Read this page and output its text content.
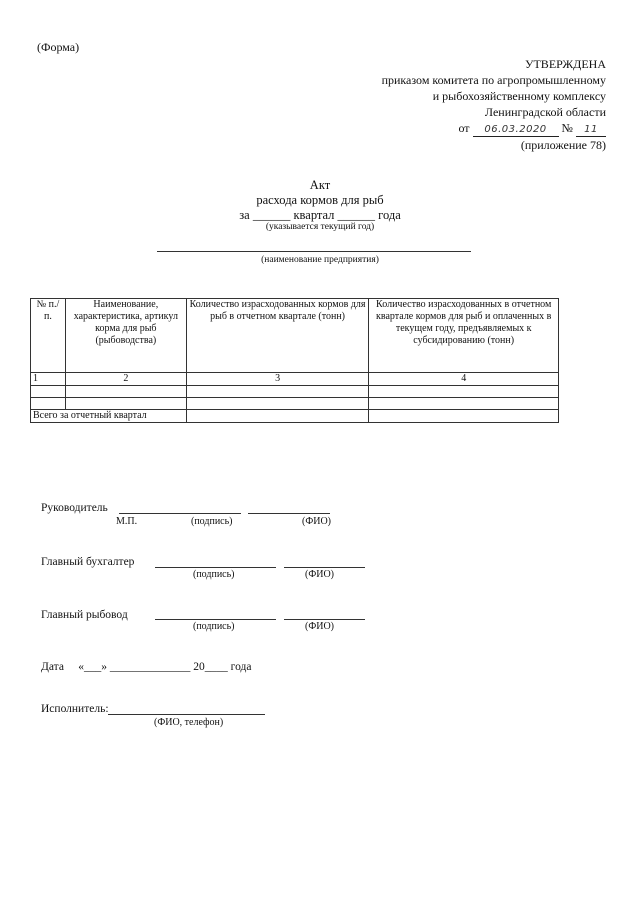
(Форма)
УТВЕРЖДЕНА
приказом комитета по агропромышленному
и рыбохозяйственному комплексу
Ленинградской области
от 06.03.2020 № 11
(приложение 78)
Акт
расхода кормов для рыб
за ______ квартал ______ года
(указывается текущий год)
(наименование предприятия)
№ п./п.	Наименование, характеристика, артикул корма для рыб (рыбоводства)	Количество израсходованных кормов для рыб в отчетном квартале (тонн)	Количество израсходованных в отчетном квартале кормов для рыб и оплаченных в текущем году, предъявляемых к субсидированию (тонн)
1	2	3	4

Всего за отчетный квартал			
Руководитель
М.П.	(подпись)	(ФИО)
Главный бухгалтер
(подпись)	(ФИО)
Главный рыбовод
(подпись)	(ФИО)
Дата     «___» ______________ 20____ года
Исполнитель:
(ФИО, телефон)
